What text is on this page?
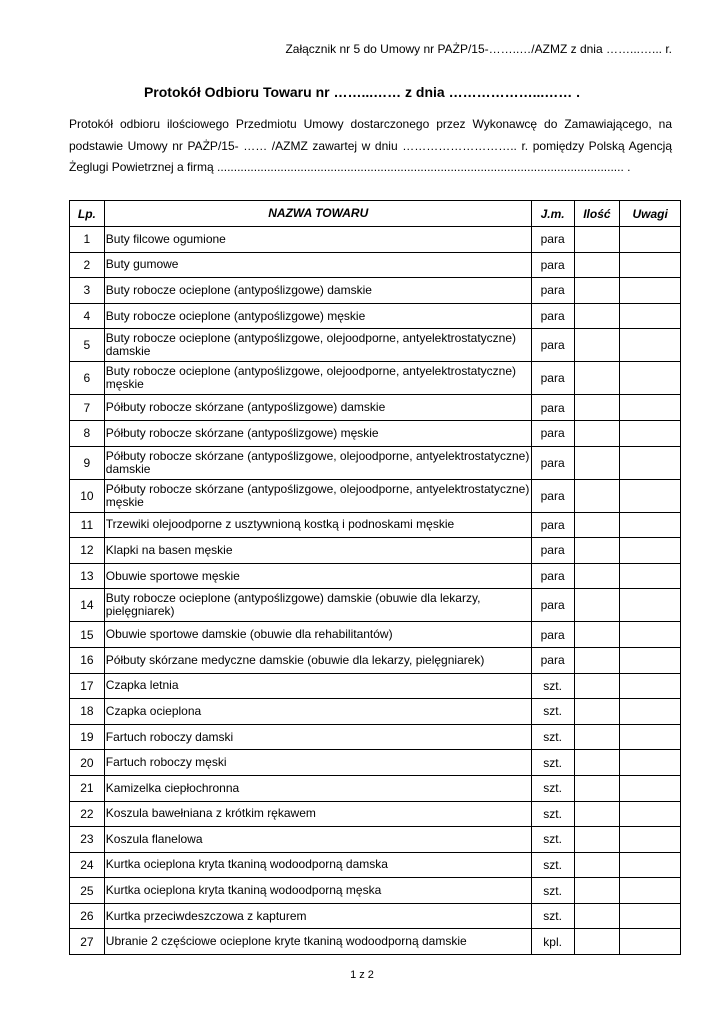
Załącznik nr 5 do Umowy nr PAŻP/15-……..…/AZMZ z dnia ……...…... r.
Protokół Odbioru Towaru nr ……...…… z dnia ………………...…… .
Protokół odbioru ilościowego Przedmiotu Umowy dostarczonego przez Wykonawcę do Zamawiającego, na
podstawie Umowy nr PAŻP/15- …… /AZMZ zawartej w dniu ……………………….. r. pomiędzy Polską Agencją
Żeglugi Powietrznej a firmą .......................................................................................................................... .
Lp.	NAZWA TOWARU	J.m.	Ilość	Uwagi
1	Buty filcowe ogumione	para		
2	Buty gumowe	para		
3	Buty robocze ocieplone (antypoślizgowe) damskie	para		
4	Buty robocze ocieplone (antypoślizgowe) męskie	para		
5	Buty robocze ocieplone (antypoślizgowe, olejoodporne, antyelektrostatyczne) damskie	para		
6	Buty robocze ocieplone (antypoślizgowe, olejoodporne, antyelektrostatyczne) męskie	para		
7	Półbuty robocze skórzane (antypoślizgowe) damskie	para		
8	Półbuty robocze skórzane (antypoślizgowe) męskie	para		
9	Półbuty robocze skórzane (antypoślizgowe, olejoodporne, antyelektrostatyczne) damskie	para		
10	Półbuty robocze skórzane (antypoślizgowe, olejoodporne, antyelektrostatyczne) męskie	para		
11	Trzewiki olejoodporne z usztywnioną kostką i podnoskami męskie	para		
12	Klapki na basen męskie	para		
13	Obuwie sportowe męskie	para		
14	Buty robocze ocieplone (antypoślizgowe) damskie (obuwie dla lekarzy, pielęgniarek)	para		
15	Obuwie sportowe damskie (obuwie dla rehabilitantów)	para		
16	Półbuty skórzane medyczne damskie (obuwie dla lekarzy, pielęgniarek)	para		
17	Czapka letnia	szt.		
18	Czapka ocieplona	szt.		
19	Fartuch roboczy damski	szt.		
20	Fartuch roboczy męski	szt.		
21	Kamizelka ciepłochronna	szt.		
22	Koszula bawełniana z krótkim rękawem	szt.		
23	Koszula flanelowa	szt.		
24	Kurtka ocieplona kryta tkaniną wodoodporną damska	szt.		
25	Kurtka ocieplona kryta tkaniną wodoodporną męska	szt.		
26	Kurtka przeciwdeszczowa z kapturem	szt.		
27	Ubranie 2 częściowe ocieplone kryte tkaniną wodoodporną damskie	kpl.		
1 z 2
